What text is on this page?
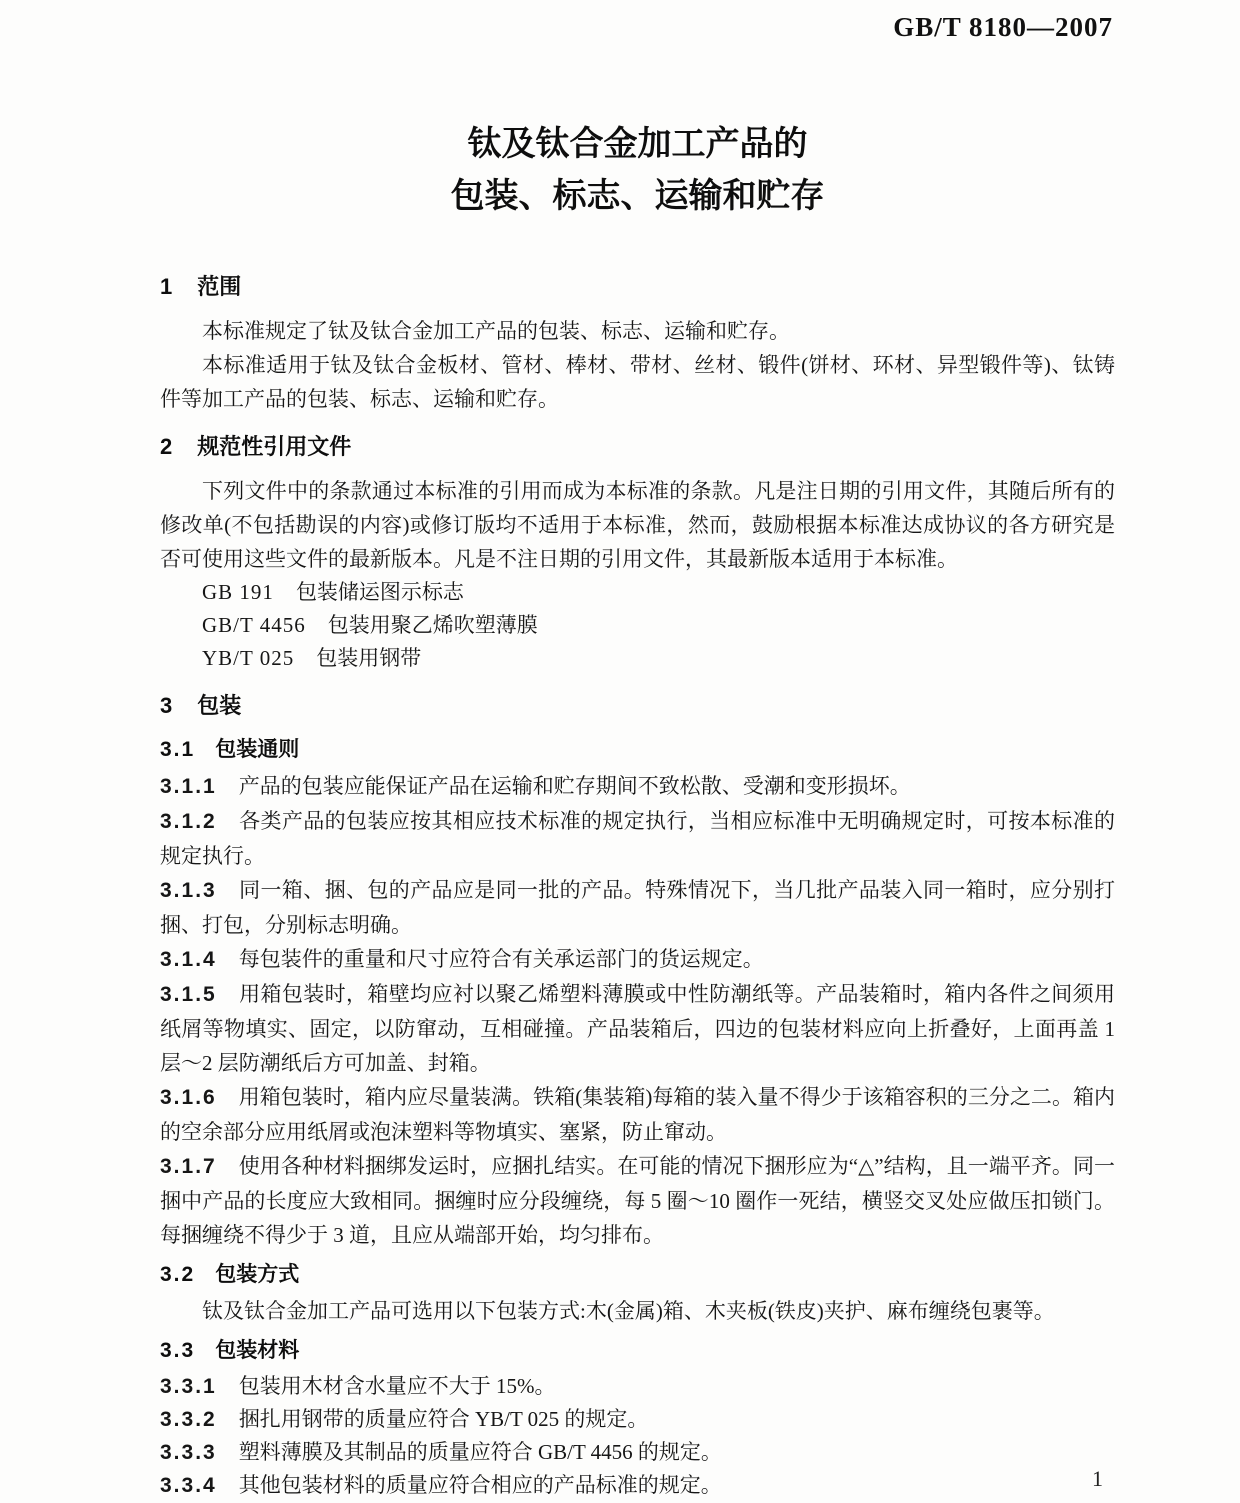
GB/T 8180—2007
钛及钛合金加工产品的
包装、标志、运输和贮存
1 范围

本标准规定了钛及钛合金加工产品的包装、标志、运输和贮存。

本标准适用于钛及钛合金板材、管材、棒材、带材、丝材、锻件(饼材、环材、异型锻件等)、钛铸件等加工产品的包装、标志、运输和贮存。

2 规范性引用文件

下列文件中的条款通过本标准的引用而成为本标准的条款。凡是注日期的引用文件，其随后所有的修改单(不包括勘误的内容)或修订版均不适用于本标准，然而，鼓励根据本标准达成协议的各方研究是否可使用这些文件的最新版本。凡是不注日期的引用文件，其最新版本适用于本标准。

GB 191 包装储运图示标志

GB/T 4456 包装用聚乙烯吹塑薄膜

YB/T 025 包装用钢带

3 包装
3.1 包装通则

3.1.1 产品的包装应能保证产品在运输和贮存期间不致松散、受潮和变形损坏。

3.1.2 各类产品的包装应按其相应技术标准的规定执行，当相应标准中无明确规定时，可按本标准的规定执行。

3.1.3 同一箱、捆、包的产品应是同一批的产品。特殊情况下，当几批产品装入同一箱时，应分别打捆、打包，分别标志明确。

3.1.4 每包装件的重量和尺寸应符合有关承运部门的货运规定。

3.1.5 用箱包装时，箱壁均应衬以聚乙烯塑料薄膜或中性防潮纸等。产品装箱时，箱内各件之间须用纸屑等物填实、固定，以防窜动，互相碰撞。产品装箱后，四边的包装材料应向上折叠好，上面再盖 1 层～2 层防潮纸后方可加盖、封箱。

3.1.6 用箱包装时，箱内应尽量装满。铁箱(集装箱)每箱的装入量不得少于该箱容积的三分之二。箱内的空余部分应用纸屑或泡沫塑料等物填实、塞紧，防止窜动。

3.1.7 使用各种材料捆绑发运时，应捆扎结实。在可能的情况下捆形应为“△”结构，且一端平齐。同一捆中产品的长度应大致相同。捆缠时应分段缠绕，每 5 圈～10 圈作一死结，横竖交叉处应做压扣锁门。每捆缠绕不得少于 3 道，且应从端部开始，均匀排布。

3.2 包装方式

钛及钛合金加工产品可选用以下包装方式:木(金属)箱、木夹板(铁皮)夹护、麻布缠绕包裹等。

3.3 包装材料

3.3.1 包装用木材含水量应不大于 15%。

3.3.2 捆扎用钢带的质量应符合 YB/T 025 的规定。

3.3.3 塑料薄膜及其制品的质量应符合 GB/T 4456 的规定。

3.3.4 其他包装材料的质量应符合相应的产品标准的规定。	1
